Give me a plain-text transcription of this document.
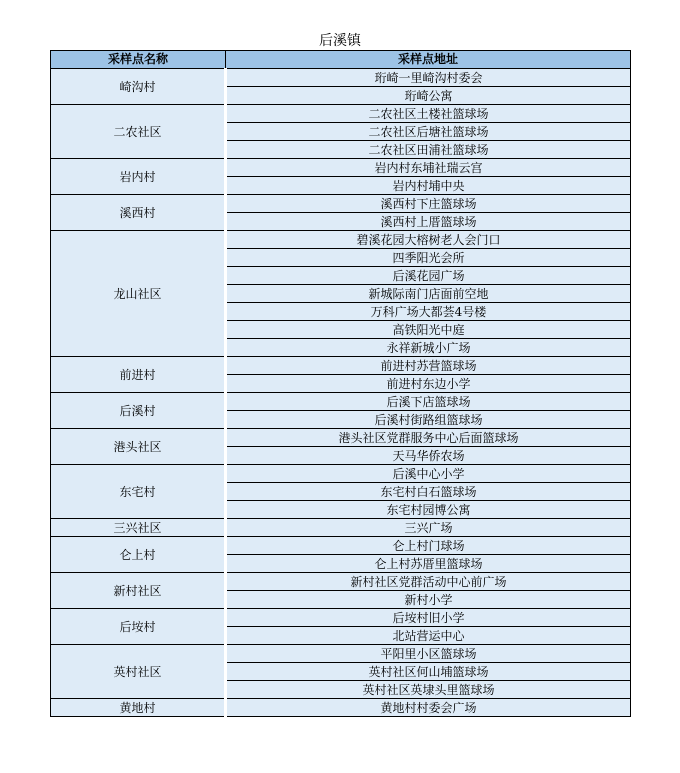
后溪镇
采样点名称	采样点地址
崎沟村	珩崎一里崎沟村委会
	珩崎公寓
二农社区	二农社区土楼社篮球场
	二农社区后塘社篮球场
	二农社区田浦社篮球场
岩内村	岩内村东埔社瑞云宫
	岩内村埔中央
溪西村	溪西村下庄篮球场
	溪西村上厝篮球场
龙山社区	碧溪花园大榕树老人会门口
	四季阳光会所
	后溪花园广场
	新城际南门店面前空地
	万科广场大都荟4号楼
	高铁阳光中庭
	永祥新城小广场
前进村	前进村苏营篮球场
	前进村东边小学
后溪村	后溪下店篮球场
	后溪村街路组篮球场
港头社区	港头社区党群服务中心后面篮球场
	天马华侨农场
东宅村	后溪中心小学
	东宅村白石篮球场
	东宅村园博公寓
三兴社区	三兴广场
仑上村	仑上村门球场
	仑上村苏厝里篮球场
新村社区	新村社区党群活动中心前广场
	新村小学
后垵村	后垵村旧小学
	北站营运中心
英村社区	平阳里小区篮球场
	英村社区何山埔篮球场
	英村社区英埭头里篮球场
黄地村	黄地村村委会广场
